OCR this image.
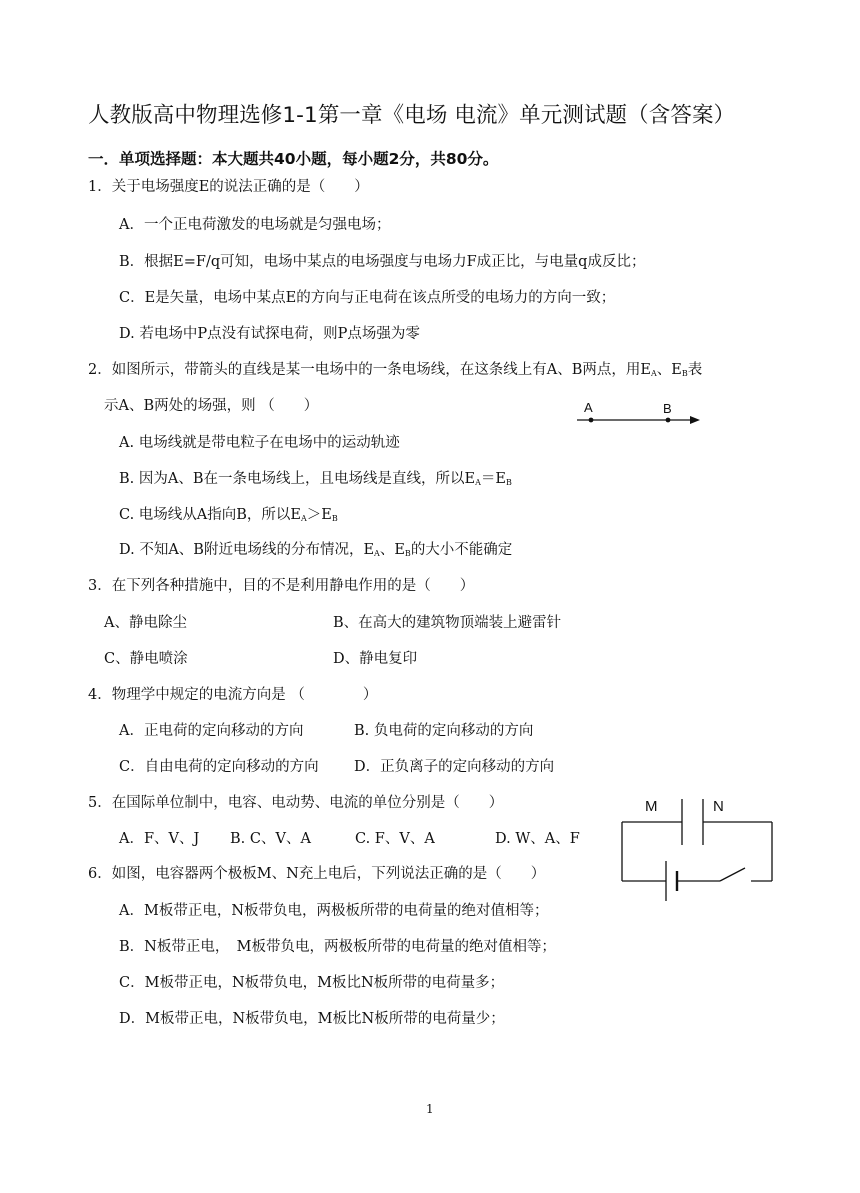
人教版高中物理选修1-1第一章《电场 电流》单元测试题（含答案）
一．单项选择题：本大题共40小题，每小题2分，共80分。
1．关于电场强度E的说法正确的是（　　）
A．一个正电荷激发的电场就是匀强电场；
B．根据E=F/q可知，电场中某点的电场强度与电场力F成正比，与电量q成反比；
C．E是矢量，电场中某点E的方向与正电荷在该点所受的电场力的方向一致；
D. 若电场中P点没有试探电荷，则P点场强为零
2．如图所示，带箭头的直线是某一电场中的一条电场线，在这条线上有A、B两点，用$E_A$、$E_B$表
示A、B两处的场强，则 （　　）	A	B
A. 电场线就是带电粒子在电场中的运动轨迹
B. 因为A、B在一条电场线上，且电场线是直线，所以$E_A=E_B$
C. 电场线从A指向B，所以$E_A>E_B$
D. 不知A、B附近电场线的分布情况，$E_A$、$E_B$的大小不能确定
3．在下列各种措施中，目的不是利用静电作用的是（　　）
A、静电除尘	B、在高大的建筑物顶端装上避雷针
C、静电喷涂	D、静电复印
4．物理学中规定的电流方向是 （　　　　）
A．正电荷的定向移动的方向	B. 负电荷的定向移动的方向
C．自由电荷的定向移动的方向 D．正负离子的定向移动的方向
5．在国际单位制中，电容、电动势、电流的单位分别是（　　）
A．F、V、J B. C、V、A	C. F、V、A	D. W、A、F
M	N
6．如图，电容器两个极板M、N充上电后，下列说法正确的是（　　）
A．M板带正电，N板带负电，两极板所带的电荷量的绝对值相等；
B．N板带正电，　M板带负电，两极板所带的电荷量的绝对值相等；
C．M板带正电，N板带负电，M板比N板所带的电荷量多；
D．M板带正电，N板带负电，M板比N板所带的电荷量少；
1
